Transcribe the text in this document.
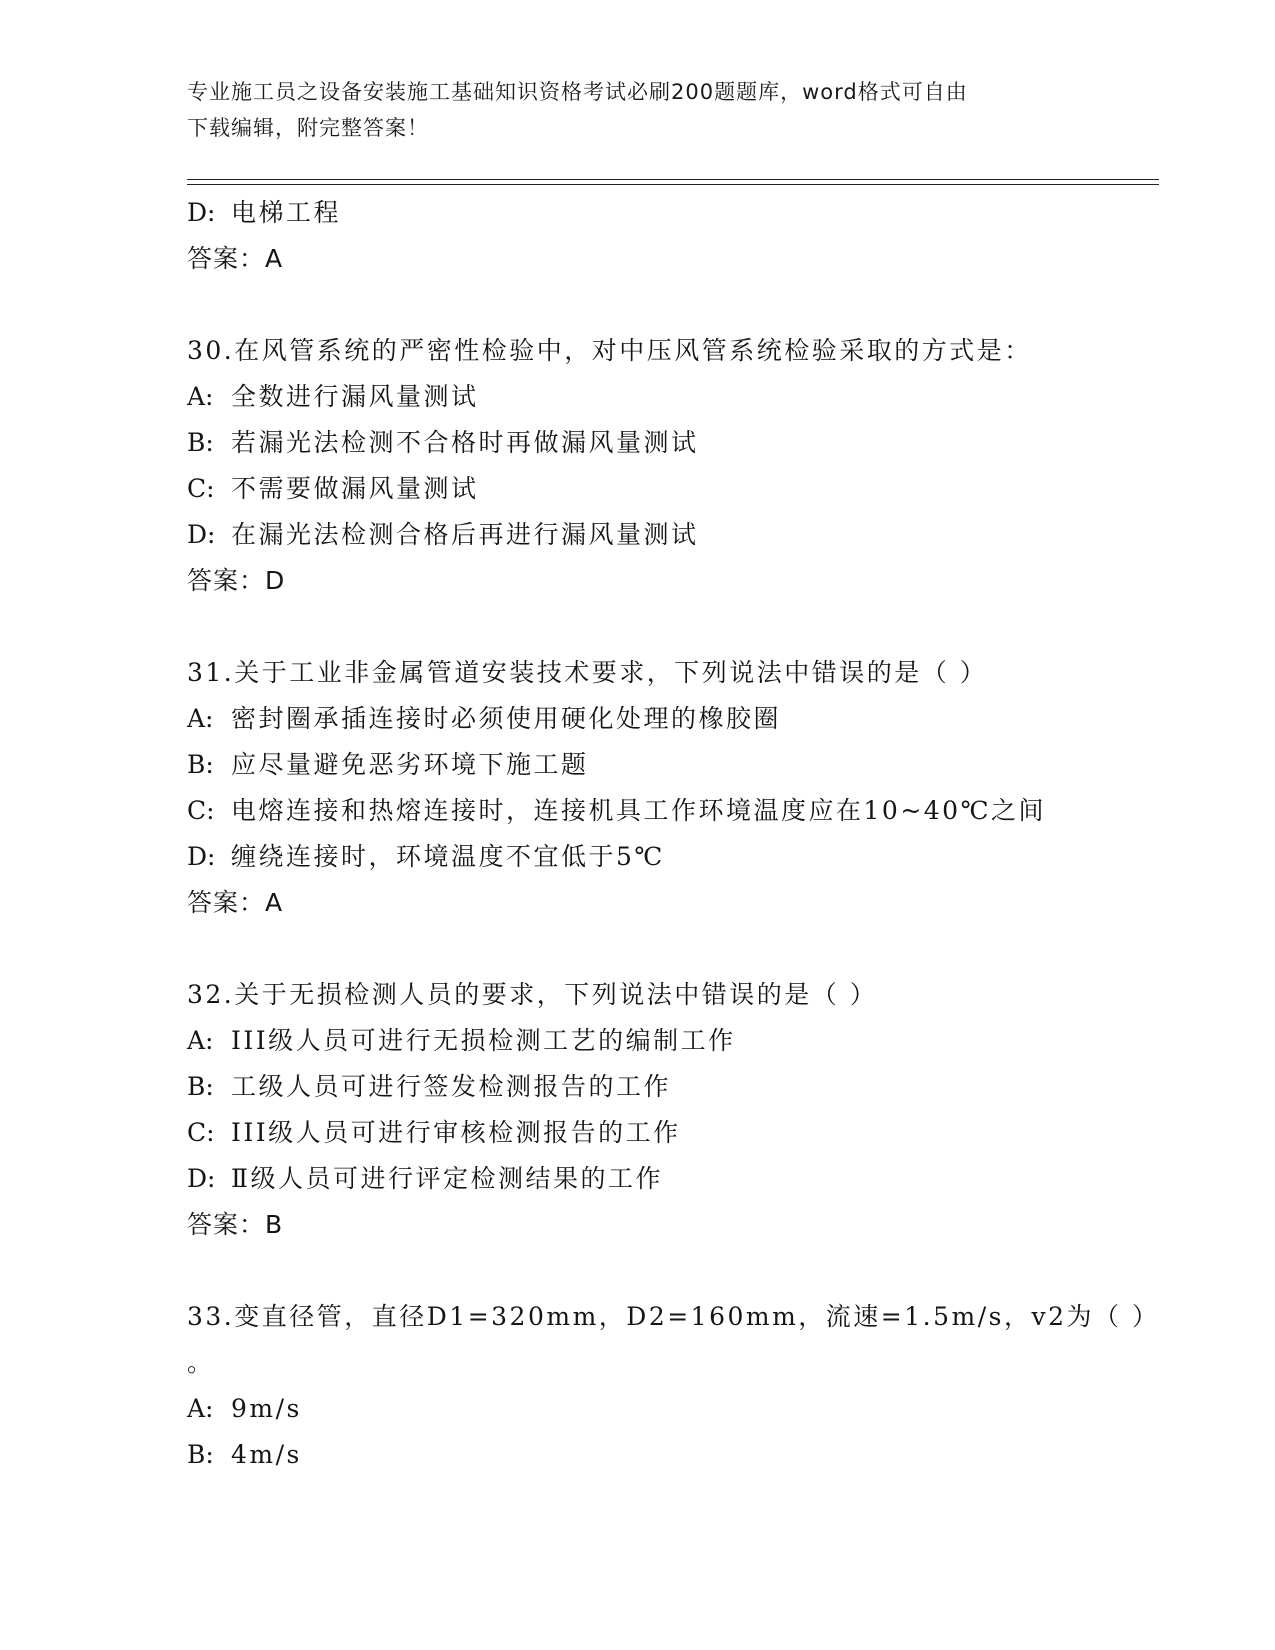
专业施工员之设备安装施工基础知识资格考试必刷200题题库，word格式可自由
下载编辑，附完整答案！
D: 电梯工程
答案：A
30.在风管系统的严密性检验中，对中压风管系统检验采取的方式是：
A: 全数进行漏风量测试
B: 若漏光法检测不合格时再做漏风量测试
C: 不需要做漏风量测试
D: 在漏光法检测合格后再进行漏风量测试
答案：D
31.关于工业非金属管道安装技术要求，下列说法中错误的是（ ）
A: 密封圈承插连接时必须使用硬化处理的橡胶圈
B: 应尽量避免恶劣环境下施工题
C: 电熔连接和热熔连接时，连接机具工作环境温度应在10~40℃之间
D: 缠绕连接时，环境温度不宜低于5℃
答案：A
32.关于无损检测人员的要求，下列说法中错误的是（ ）
A: III级人员可进行无损检测工艺的编制工作
B: 工级人员可进行签发检测报告的工作
C: III级人员可进行审核检测报告的工作
D: Ⅱ级人员可进行评定检测结果的工作
答案：B
33.变直径管，直径D1=320mm，D2=160mm，流速=1.5m/s，v2为（ ）
。
A: 9m/s
B: 4m/s
